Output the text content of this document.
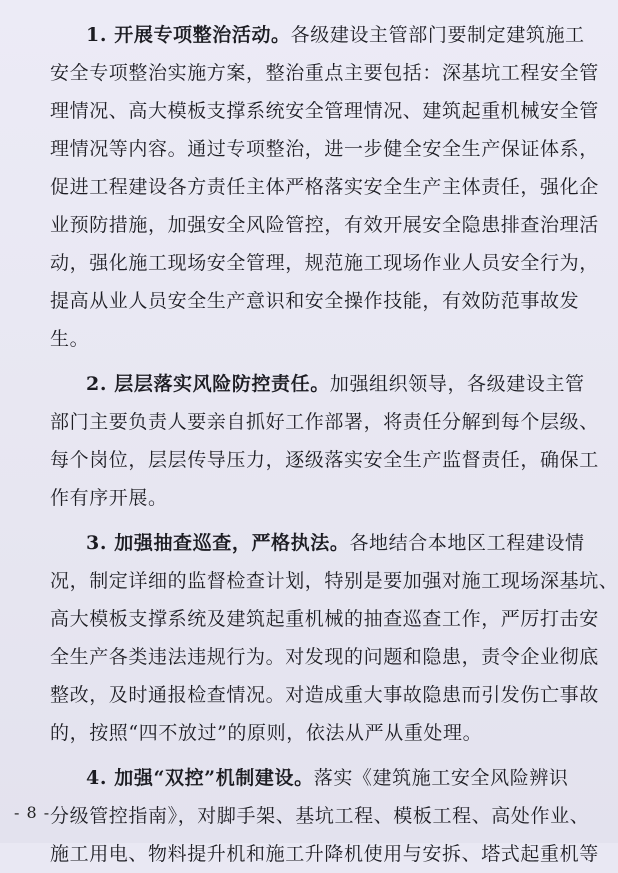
1. 开展专项整治活动。各级建设主管部门要制定建筑施工
安全专项整治实施方案，整治重点主要包括：深基坑工程安全管
理情况、高大模板支撑系统安全管理情况、建筑起重机械安全管
理情况等内容。通过专项整治，进一步健全安全生产保证体系，
促进工程建设各方责任主体严格落实安全生产主体责任，强化企
业预防措施，加强安全风险管控，有效开展安全隐患排查治理活
动，强化施工现场安全管理，规范施工现场作业人员安全行为，
提高从业人员安全生产意识和安全操作技能，有效防范事故发
生。

2. 层层落实风险防控责任。加强组织领导，各级建设主管
部门主要负责人要亲自抓好工作部署，将责任分解到每个层级、
每个岗位，层层传导压力，逐级落实安全生产监督责任，确保工
作有序开展。

3. 加强抽查巡查，严格执法。各地结合本地区工程建设情
况，制定详细的监督检查计划，特别是要加强对施工现场深基坑、
高大模板支撑系统及建筑起重机械的抽查巡查工作，严厉打击安
全生产各类违法违规行为。对发现的问题和隐患，责令企业彻底
整改，及时通报检查情况。对造成重大事故隐患而引发伤亡事故
的，按照“四不放过”的原则，依法从严从重处理。

4. 加强“双控”机制建设。落实《建筑施工安全风险辨识
分级管控指南》，对脚手架、基坑工程、模板工程、高处作业、
施工用电、物料提升机和施工升降机使用与安拆、塔式起重机等

- 8 -
